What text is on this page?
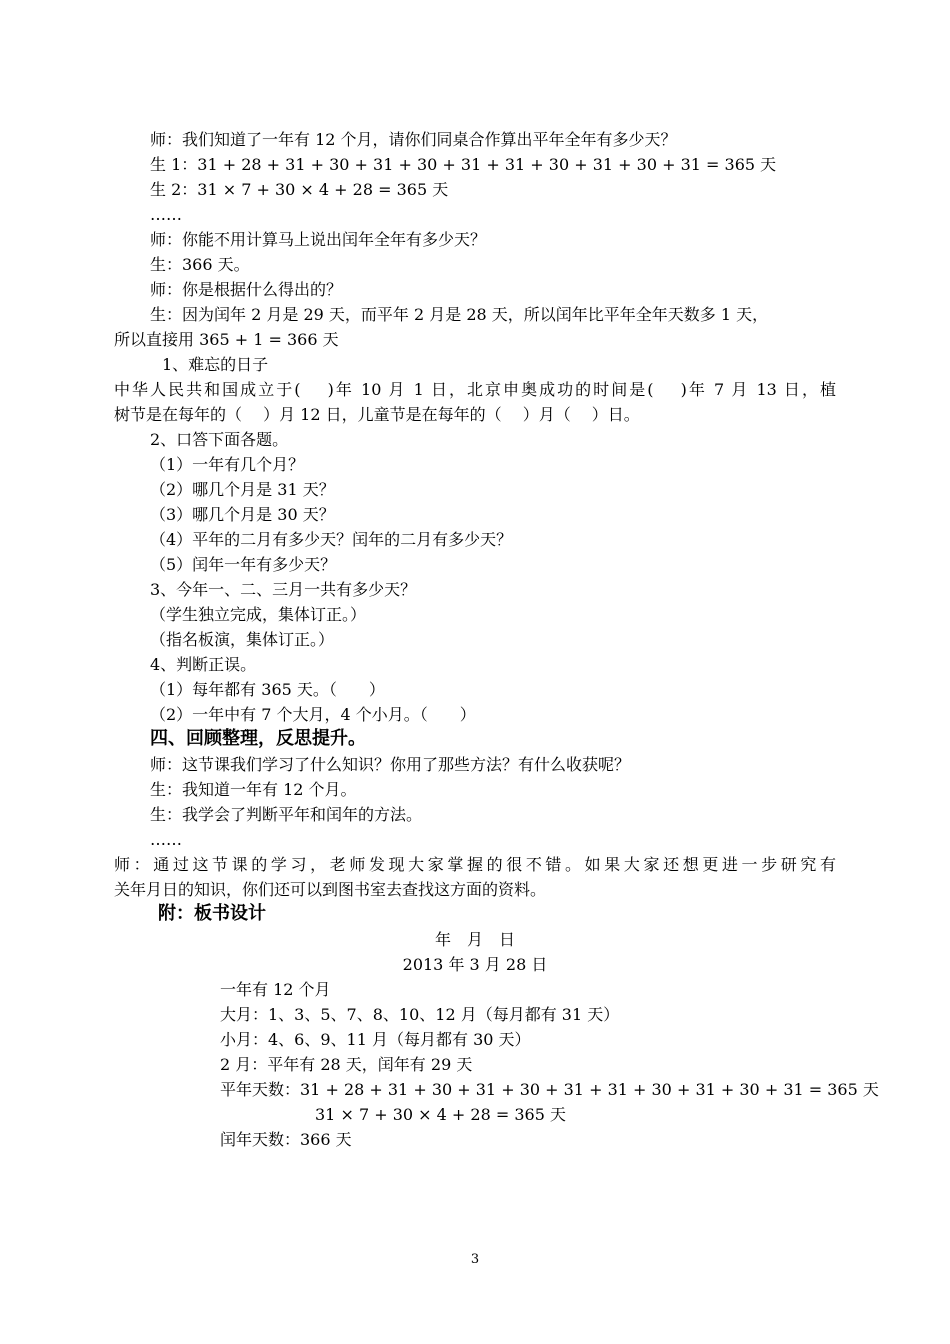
师：我们知道了一年有 12 个月，请你们同桌合作算出平年全年有多少天？
生 1：31 + 28 + 31 + 30 + 31 + 30 + 31 + 31 + 30 + 31 + 30 + 31 = 365 天
生 2：31 × 7 + 30 × 4 + 28 = 365 天
……
师：你能不用计算马上说出闰年全年有多少天？
生：366 天。
师：你是根据什么得出的？
生：因为闰年 2 月是 29 天，而平年 2 月是 28 天，所以闰年比平年全年天数多 1 天，
所以直接用 365 + 1 = 366 天
1、难忘的日子
中华人民共和国成立于(　 )年 10 月 1 日，北京申奥成功的时间是(　 )年 7 月 13 日，植
树节是在每年的（　 ）月 12 日，儿童节是在每年的（　 ）月（　 ）日。
2、口答下面各题。
（1）一年有几个月？
（2）哪几个月是 31 天？
（3）哪几个月是 30 天？
（4）平年的二月有多少天？闰年的二月有多少天？
（5）闰年一年有多少天？
3、今年一、二、三月一共有多少天？
（学生独立完成，集体订正。）
（指名板演，集体订正。）
4、判断正误。
（1）每年都有 365 天。（　　）
（2）一年中有 7 个大月，4 个小月。（　　）
四、回顾整理，反思提升。
师：这节课我们学习了什么知识？你用了那些方法？有什么收获呢？
生：我知道一年有 12 个月。
生：我学会了判断平年和闰年的方法。
……
师：通过这节课的学习，老师发现大家掌握的很不错。如果大家还想更进一步研究有
关年月日的知识，你们还可以到图书室去查找这方面的资料。
附：板书设计
年　月　日
2013 年 3 月 28 日
一年有 12 个月
大月：1、3、5、7、8、10、12 月（每月都有 31 天）
小月：4、6、9、11 月（每月都有 30 天）
2 月：平年有 28 天，闰年有 29 天
平年天数：31 + 28 + 31 + 30 + 31 + 30 + 31 + 31 + 30 + 31 + 30 + 31 = 365 天
31 × 7 + 30 × 4 + 28 = 365 天
闰年天数：366 天
3
